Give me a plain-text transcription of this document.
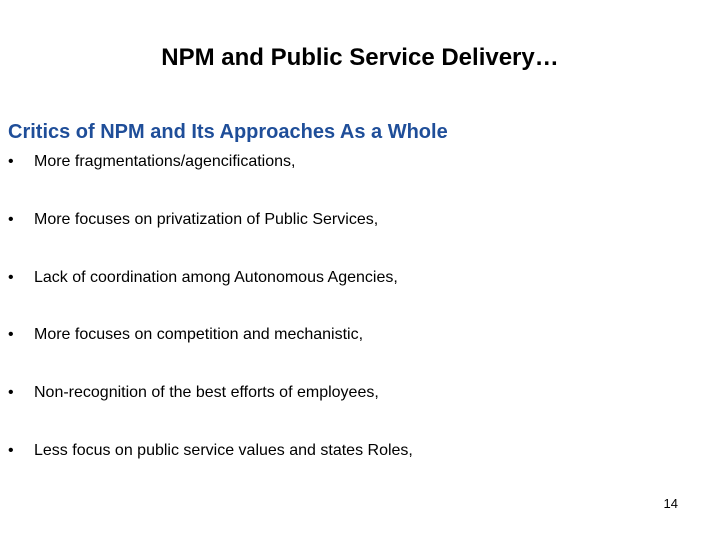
NPM and Public Service Delivery…
Critics of NPM and Its Approaches As a Whole
• More fragmentations/agencifications,
• More focuses on privatization of Public Services,
• Lack of coordination among Autonomous Agencies,
• More focuses on competition and mechanistic,
• Non-recognition of the best efforts of employees,
• Less focus on public service values and states Roles,
14
